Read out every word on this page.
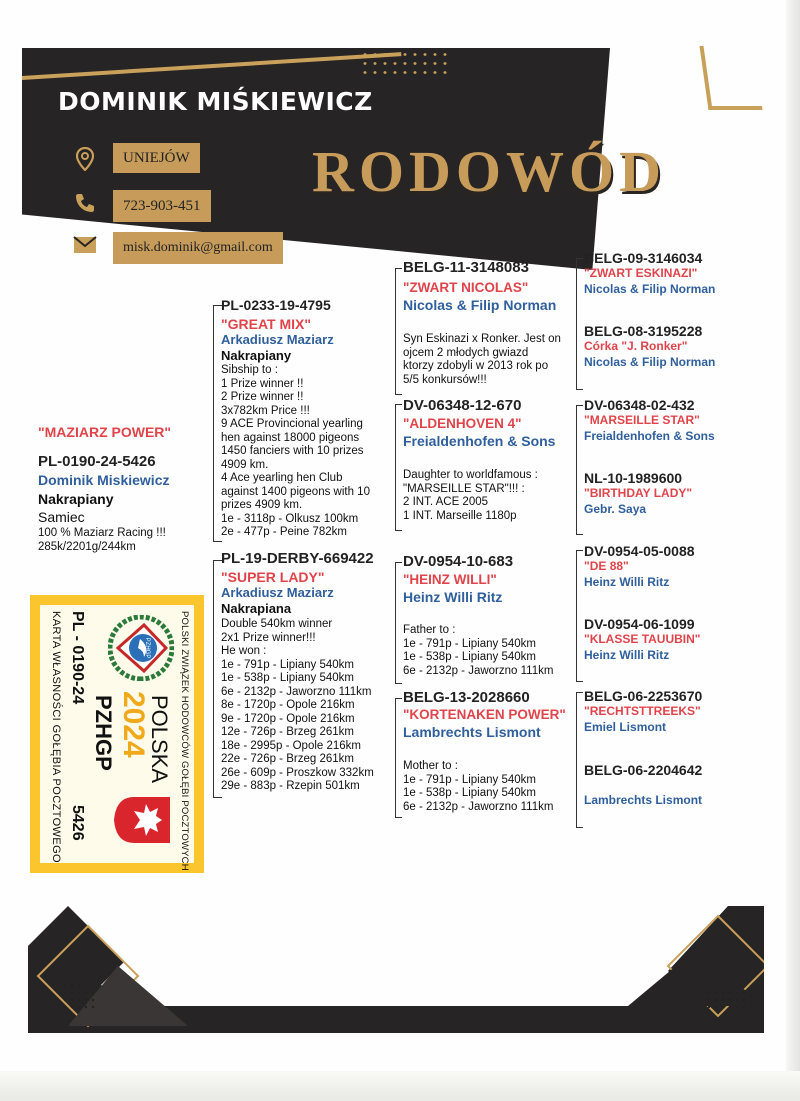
DOMINIK MIŚKIEWICZ
UNIEJÓW
723-903-451
misk.dominik@gmail.com
RODOWÓD
"MAZIARZ POWER"
PL-0190-24-5426
Dominik Miskiewicz
Nakrapiany
Samiec
100 % Maziarz Racing !!!
285k/2201g/244km
PL-0233-19-4795
"GREAT MIX"
Arkadiusz Maziarz
Nakrapiany
Sibship to :
1 Prize winner !!
2 Prize winner !!
3x782km Price !!!
9 ACE Provincional yearling
hen against 18000 pigeons
1450 fanciers with 10 prizes
4909 km.
4 Ace yearling hen Club
against 1400 pigeons with 10
prizes 4909 km.
1e - 3118p - Olkusz 100km
2e - 477p - Peine 782km
PL-19-DERBY-669422
"SUPER LADY"
Arkadiusz Maziarz
Nakrapiana
Double 540km winner
2x1 Prize winner!!!
He won :
1e - 791p - Lipiany 540km
1e - 538p - Lipiany 540km
6e - 2132p - Jaworzno 111km
8e - 1720p - Opole 216km
9e - 1720p - Opole 216km
12e - 726p - Brzeg 261km
18e - 2995p - Opole 216km
22e - 726p - Brzeg 261km
26e - 609p - Proszkow 332km
29e - 883p - Rzepin 501km
BELG-11-3148083
"ZWART NICOLAS"
Nicolas & Filip Norman
Syn Eskinazi x Ronker. Jest on
ojcem 2 młodych gwiazd
ktorzy zdobyli w 2013 rok po
5/5 konkursów!!!
DV-06348-12-670
"ALDENHOVEN 4"
Freialdenhofen & Sons
Daughter to worldfamous :
"MARSEILLE STAR"!!! :
2 INT. ACE 2005
1 INT. Marseille 1180p
DV-0954-10-683
"HEINZ WILLI"
Heinz Willi Ritz
Father to :
1e - 791p - Lipiany 540km
1e - 538p - Lipiany 540km
6e - 2132p - Jaworzno 111km
BELG-13-2028660
"KORTENAKEN POWER"
Lambrechts Lismont
Mother to :
1e - 791p - Lipiany 540km
1e - 538p - Lipiany 540km
6e - 2132p - Jaworzno 111km
BELG-09-3146034
"ZWART ESKINAZI"
Nicolas & Filip Norman
BELG-08-3195228
Córka "J. Ronker"
Nicolas & Filip Norman
DV-06348-02-432
"MARSEILLE STAR"
Freialdenhofen & Sons
NL-10-1989600
"BIRTHDAY LADY"
Gebr. Saya
DV-0954-05-0088
"DE 88"
Heinz Willi Ritz
DV-0954-06-1099
"KLASSE TAUUBIN"
Heinz Willi Ritz
BELG-06-2253670
"RECHTSTTREEKS"
Emiel Lismont
BELG-06-2204642
Lambrechts Lismont
POLSKI ZWIĄZEK HODOWCÓW GOŁĘBI POCZTOWYCH
PZHGP
POLSKA
2024
PZHGP
PL - 0190-24
5426
KARTA WŁASNOŚCI GOŁĘBIA POCZTOWEGO
